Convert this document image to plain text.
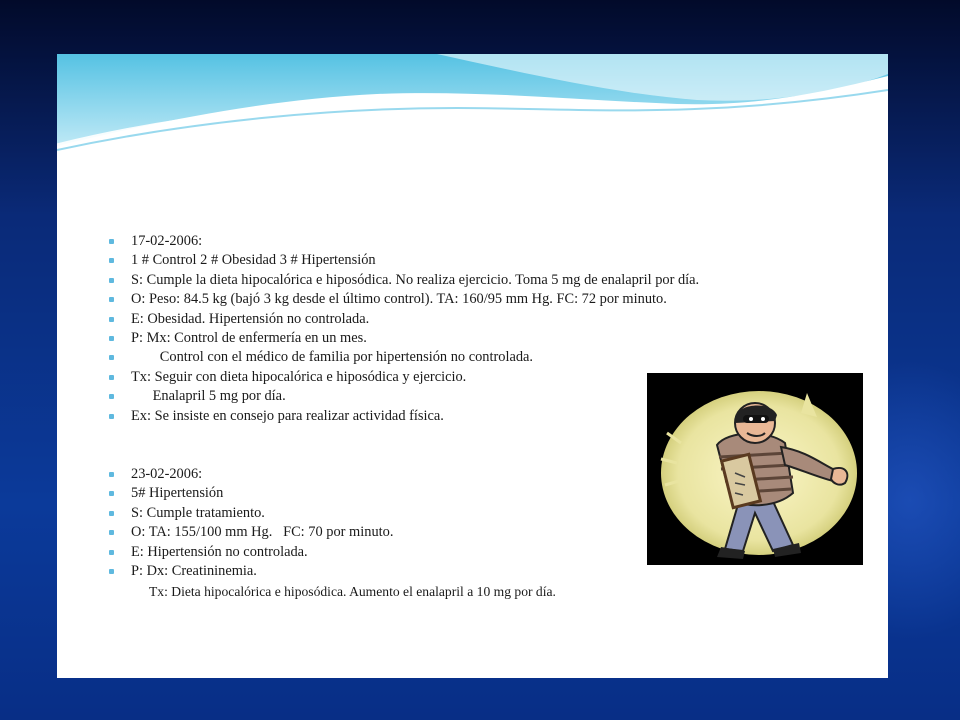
17-02-2006:
1 # Control 2 # Obesidad 3 # Hipertensión
S: Cumple la dieta hipocalórica e hiposódica. No realiza ejercicio. Toma 5 mg de enalapril por día.
O: Peso: 84.5 kg (bajó 3 kg desde el último control). TA: 160/95 mm Hg. FC: 72 por minuto.
E: Obesidad. Hipertensión no controlada.
P: Mx: Control de enfermería en un mes.
Control con el médico de familia por hipertensión no controlada.
Tx: Seguir con dieta hipocalórica e hiposódica y ejercicio.
Enalapril 5 mg por día.
Ex: Se insiste en consejo para realizar actividad física.
23-02-2006:
5# Hipertensión
S: Cumple tratamiento.
O: TA: 155/100 mm Hg.   FC: 70 por minuto.
E: Hipertensión no controlada.
P: Dx: Creatininemia.
Tx: Dieta hipocalórica e hiposódica. Aumento el enalapril a 10 mg por día.
